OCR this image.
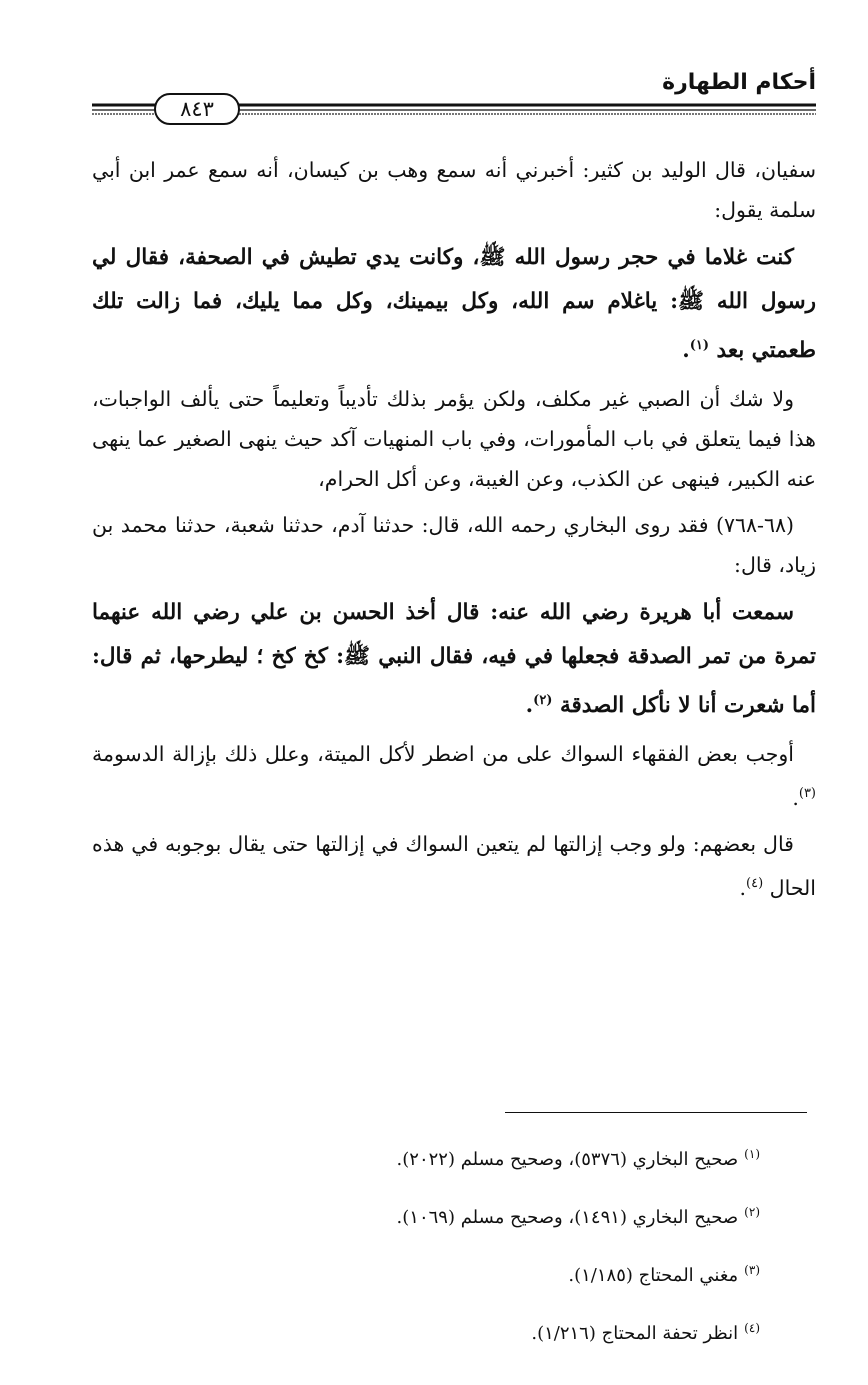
أحكام الطهارة
٨٤٣

سفيان، قال الوليد بن كثير: أخبرني أنه سمع وهب بن كيسان، أنه سمع عمر ابن أبي سلمة يقول:

كنت غلاما في حجر رسول الله ﷺ، وكانت يدي تطيش في الصحفة، فقال لي رسول الله ﷺ: ياغلام سم الله، وكل بيمينك، وكل مما يليك، فما زالت تلك طعمتي بعد $^{(١)}$.

ولا شك أن الصبي غير مكلف، ولكن يؤمر بذلك تأديباً وتعليماً حتى يألف الواجبات، هذا فيما يتعلق في باب المأمورات، وفي باب المنهيات آكد حيث ينهى الصغير عما ينهى عنه الكبير، فينهى عن الكذب، وعن الغيبة، وعن أكل الحرام،

(٦٨-٧٦٨) فقد روى البخاري رحمه الله، قال: حدثنا آدم، حدثنا شعبة، حدثنا محمد بن زياد، قال:

سمعت أبا هريرة رضي الله عنه: قال أخذ الحسن بن علي رضي الله عنهما تمرة من تمر الصدقة فجعلها في فيه، فقال النبي ﷺ: كخ كخ ؛ ليطرحها، ثم قال: أما شعرت أنا لا نأكل الصدقة $^{(٢)}$.

أوجب بعض الفقهاء السواك على من اضطر لأكل الميتة، وعلل ذلك بإزالة الدسومة $^{(٣)}$.

قال بعضهم: ولو وجب إزالتها لم يتعين السواك في إزالتها حتى يقال بوجوبه في هذه الحال $^{(٤)}$.

$^{(١)}$صحيح البخاري (٥٣٧٦)، وصحيح مسلم (٢٠٢٢).
$^{(٢)}$صحيح البخاري (١٤٩١)، وصحيح مسلم (١٠٦٩).
$^{(٣)}$مغني المحتاج (١/١٨٥).
$^{(٤)}$انظر تحفة المحتاج (١/٢١٦).
